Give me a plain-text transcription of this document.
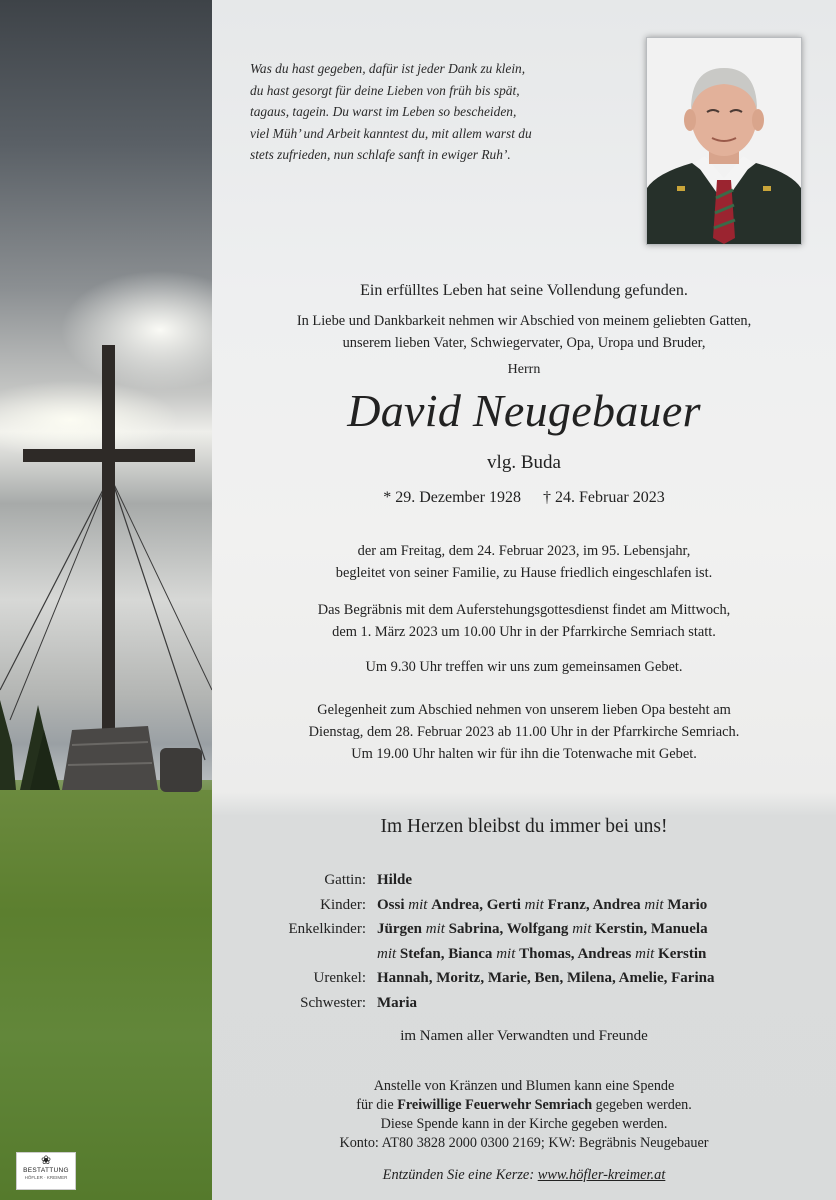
Was du hast gegeben, dafür ist jeder Dank zu klein,
du hast gesorgt für deine Lieben von früh bis spät,
tagaus, tagein. Du warst im Leben so bescheiden,
viel Müh’ und Arbeit kanntest du, mit allem warst du
stets zufrieden, nun schlafe sanft in ewiger Ruh’.
Ein erfülltes Leben hat seine Vollendung gefunden.
In Liebe und Dankbarkeit nehmen wir Abschied von meinem geliebten Gatten,
unserem lieben Vater, Schwiegervater, Opa, Uropa und Bruder,
Herrn
David Neugebauer
vlg. Buda
* 29. Dezember 1928 † 24. Februar 2023
der am Freitag, dem 24. Februar 2023, im 95. Lebensjahr,
begleitet von seiner Familie, zu Hause friedlich eingeschlafen ist.
Das Begräbnis mit dem Auferstehungsgottesdienst findet am Mittwoch,
dem 1. März 2023 um 10.00 Uhr in der Pfarrkirche Semriach statt.
Um 9.30 Uhr treffen wir uns zum gemeinsamen Gebet.
Gelegenheit zum Abschied nehmen von unserem lieben Opa besteht am
Dienstag, dem 28. Februar 2023 ab 11.00 Uhr in der Pfarrkirche Semriach.
Um 19.00 Uhr halten wir für ihn die Totenwache mit Gebet.
Im Herzen bleibst du immer bei uns!
Gattin: Hilde
Kinder: Ossi mit Andrea, Gerti mit Franz, Andrea mit Mario
Enkelkinder: Jürgen mit Sabrina, Wolfgang mit Kerstin, Manuela
mit Stefan, Bianca mit Thomas, Andreas mit Kerstin
Urenkel: Hannah, Moritz, Marie, Ben, Milena, Amelie, Farina
Schwester: Maria
im Namen aller Verwandten und Freunde
Anstelle von Kränzen und Blumen kann eine Spende
für die Freiwillige Feuerwehr Semriach gegeben werden.
Diese Spende kann in der Kirche gegeben werden.
Konto: AT80 3828 2000 0300 2169; KW: Begräbnis Neugebauer
Entzünden Sie eine Kerze: www.höfler-kreimer.at
❀
BESTATTUNG
HÖFLER · KREIMER
